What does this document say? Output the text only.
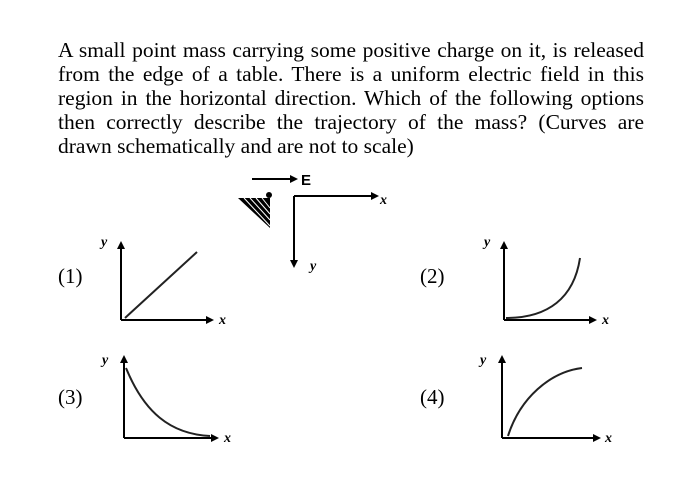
A small point mass carrying some positive charge on it, is released from the edge of a table. There is a uniform electric field in this region in the horizontal direction. Which of the following options then correctly describe the trajectory of the mass? (Curves are drawn schematically and are not to scale)

E
x
y
(1)
y
x
(2)
y
x
(3)
y
x
(4)
y
x
